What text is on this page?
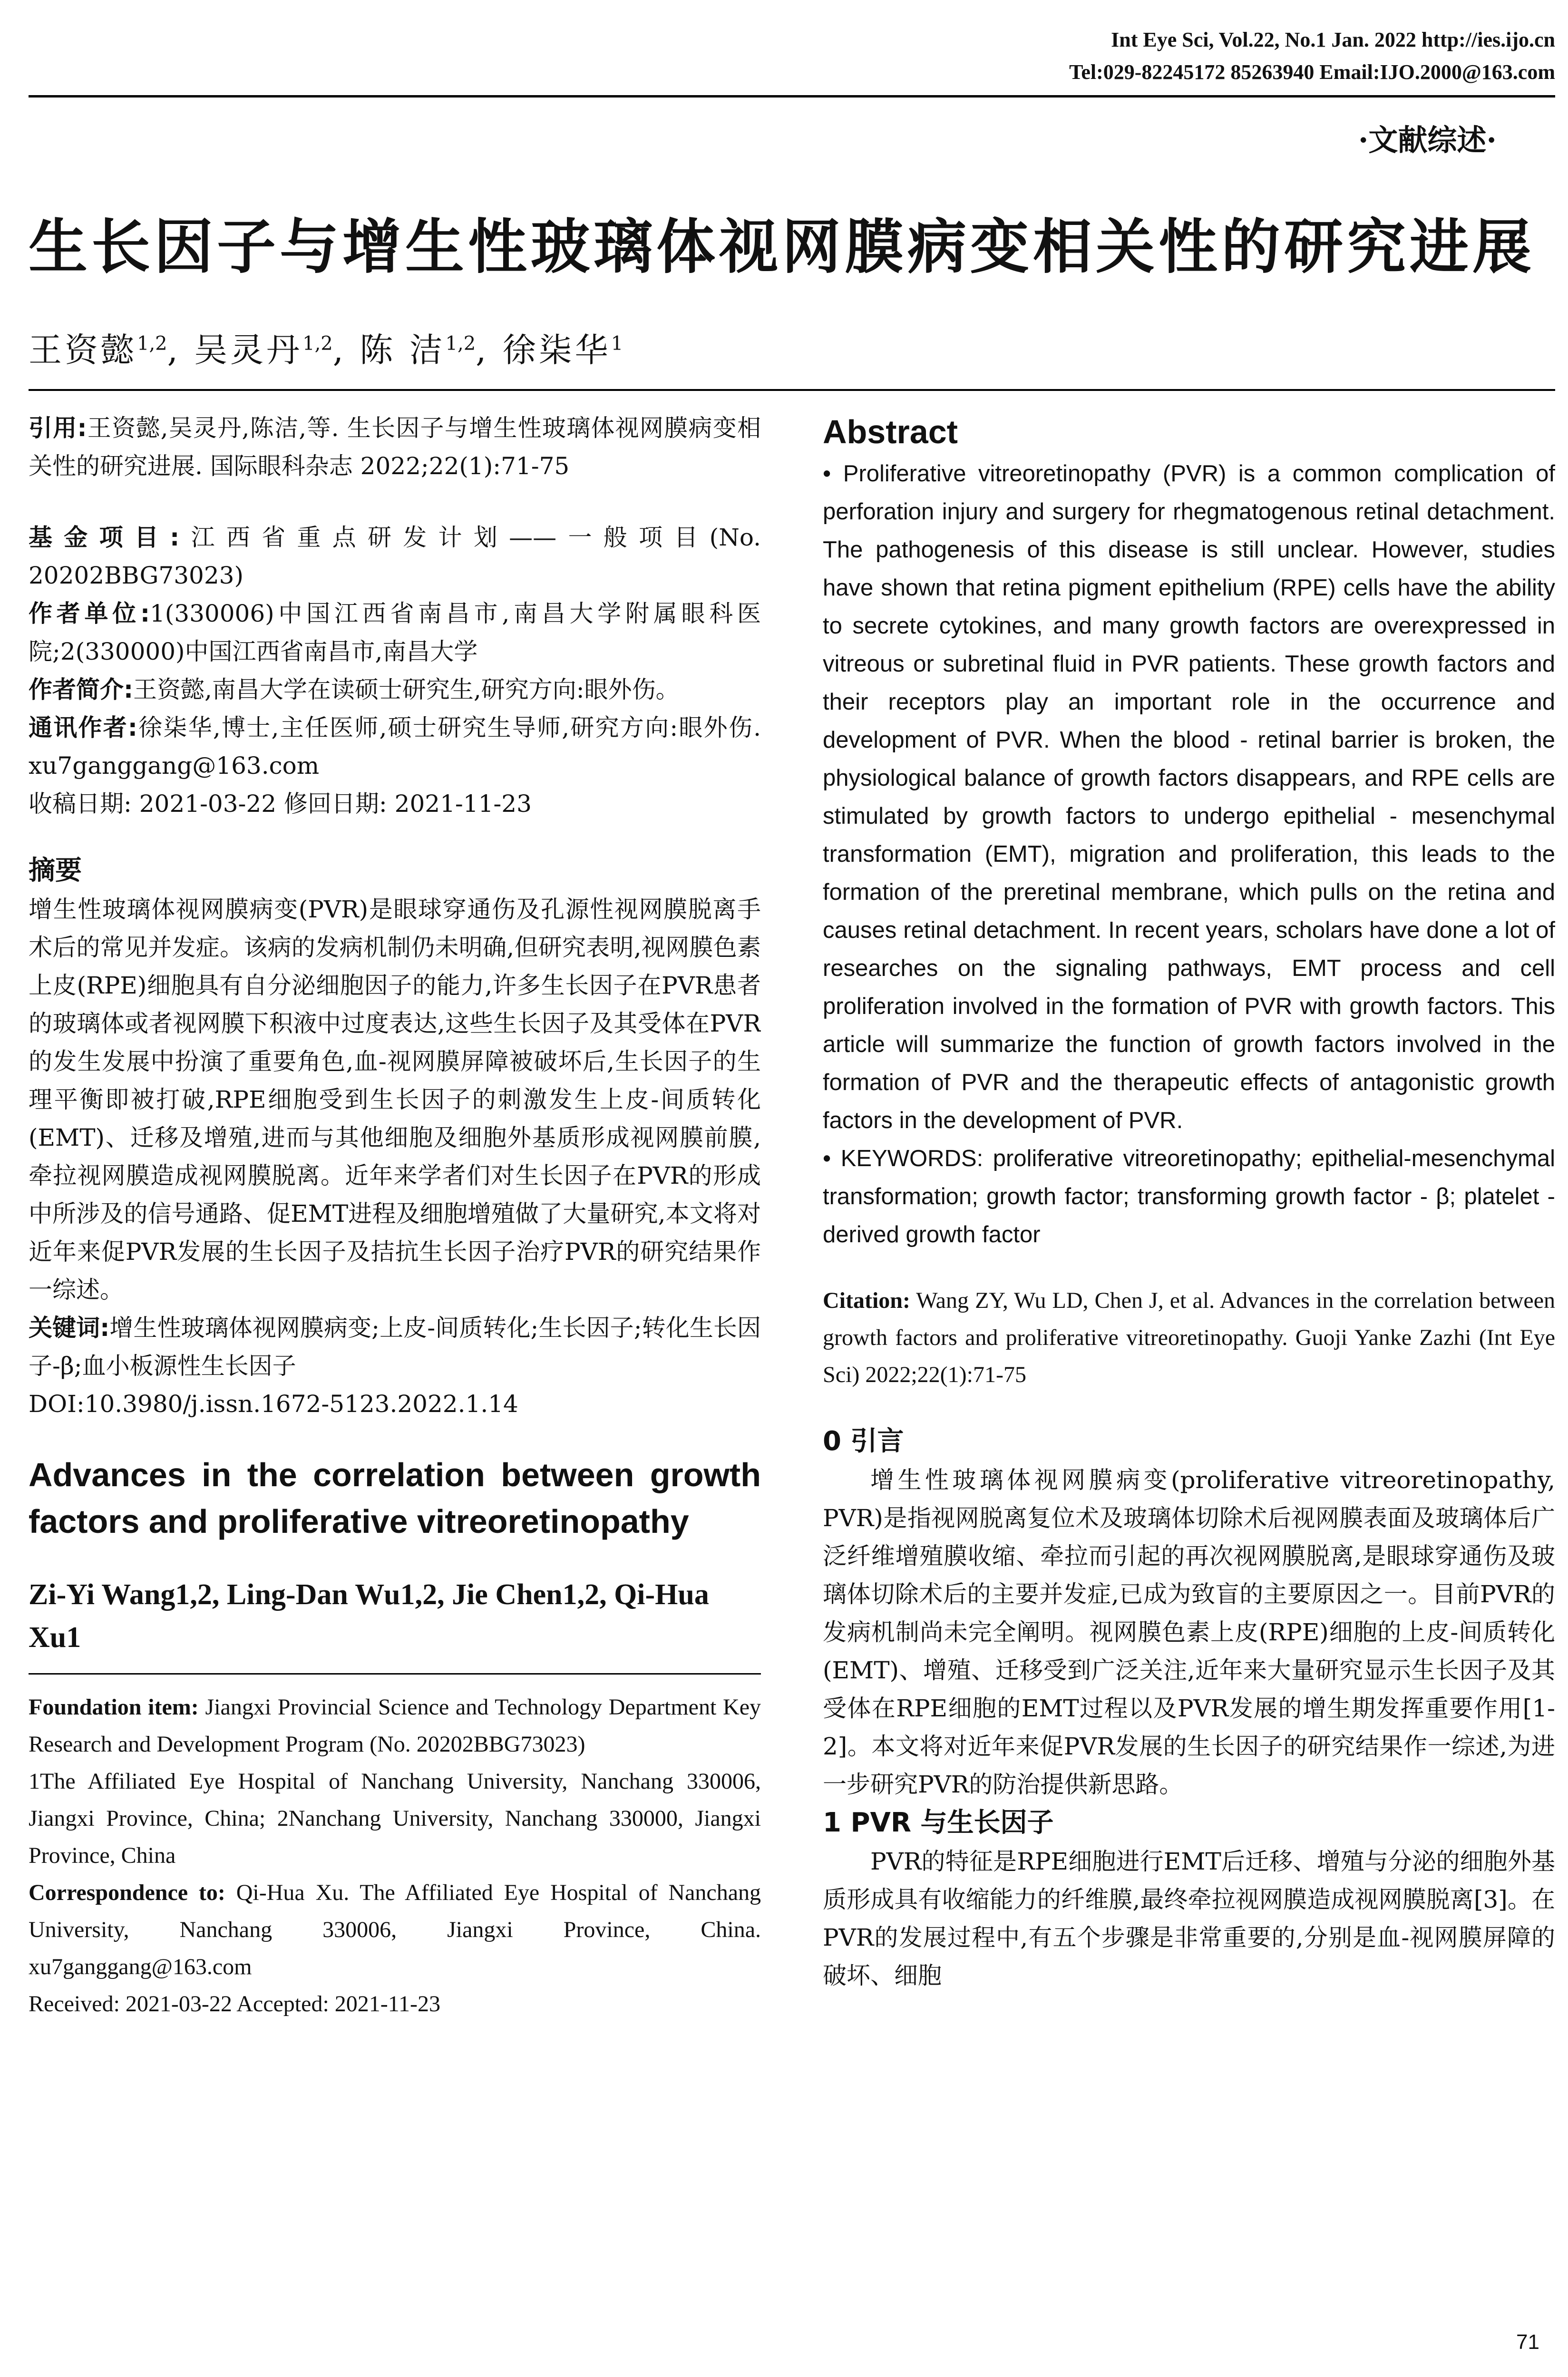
Int Eye Sci, Vol.22, No.1 Jan. 2022 http://ies.ijo.cn
Tel:029-82245172 85263940 Email:IJO.2000@163.com
·文献综述·
生长因子与增生性玻璃体视网膜病变相关性的研究进展
王资懿$^{1,2}$, 吴灵丹$^{1,2}$, 陈 洁$^{1,2}$, 徐柒华$^1$

引用:王资懿,吴灵丹,陈洁,等. 生长因子与增生性玻璃体视网膜病变相关性的研究进展. 国际眼科杂志 2022;22(1):71-75

基金项目:江西省重点研发计划——一般项目(No. 20202BBG73023)

作者单位:1(330006)中国江西省南昌市,南昌大学附属眼科医院;2(330000)中国江西省南昌市,南昌大学

作者简介:王资懿,南昌大学在读硕士研究生,研究方向:眼外伤。

通讯作者:徐柒华,博士,主任医师,硕士研究生导师,研究方向:眼外伤. xu7ganggang@163.com

收稿日期: 2021-03-22 修回日期: 2021-11-23

摘要

增生性玻璃体视网膜病变(PVR)是眼球穿通伤及孔源性视网膜脱离手术后的常见并发症。该病的发病机制仍未明确,但研究表明,视网膜色素上皮(RPE)细胞具有自分泌细胞因子的能力,许多生长因子在PVR患者的玻璃体或者视网膜下积液中过度表达,这些生长因子及其受体在PVR的发生发展中扮演了重要角色,血-视网膜屏障被破坏后,生长因子的生理平衡即被打破,RPE细胞受到生长因子的刺激发生上皮-间质转化(EMT)、迁移及增殖,进而与其他细胞及细胞外基质形成视网膜前膜,牵拉视网膜造成视网膜脱离。近年来学者们对生长因子在PVR的形成中所涉及的信号通路、促EMT进程及细胞增殖做了大量研究,本文将对近年来促PVR发展的生长因子及拮抗生长因子治疗PVR的研究结果作一综述。

关键词:增生性玻璃体视网膜病变;上皮-间质转化;生长因子;转化生长因子-β;血小板源性生长因子

DOI:10.3980/j.issn.1672-5123.2022.1.14

Advances in the correlation between growth factors and proliferative vitreoretinopathy

Zi-Yi Wang1,2, Ling-Dan Wu1,2, Jie Chen1,2, Qi-Hua Xu1

Foundation item: Jiangxi Provincial Science and Technology Department Key Research and Development Program (No. 20202BBG73023)

1The Affiliated Eye Hospital of Nanchang University, Nanchang 330006, Jiangxi Province, China; 2Nanchang University, Nanchang 330000, Jiangxi Province, China

Correspondence to: Qi-Hua Xu. The Affiliated Eye Hospital of Nanchang University, Nanchang 330006, Jiangxi Province, China. xu7ganggang@163.com

Received: 2021-03-22 Accepted: 2021-11-23

Abstract

• Proliferative vitreoretinopathy (PVR) is a common complication of perforation injury and surgery for rhegmatogenous retinal detachment. The pathogenesis of this disease is still unclear. However, studies have shown that retina pigment epithelium (RPE) cells have the ability to secrete cytokines, and many growth factors are overexpressed in vitreous or subretinal fluid in PVR patients. These growth factors and their receptors play an important role in the occurrence and development of PVR. When the blood - retinal barrier is broken, the physiological balance of growth factors disappears, and RPE cells are stimulated by growth factors to undergo epithelial - mesenchymal transformation (EMT), migration and proliferation, this leads to the formation of the preretinal membrane, which pulls on the retina and causes retinal detachment. In recent years, scholars have done a lot of researches on the signaling pathways, EMT process and cell proliferation involved in the formation of PVR with growth factors. This article will summarize the function of growth factors involved in the formation of PVR and the therapeutic effects of antagonistic growth factors in the development of PVR.

• KEYWORDS: proliferative vitreoretinopathy; epithelial-mesenchymal transformation; growth factor; transforming growth factor - β; platelet - derived growth factor

Citation: Wang ZY, Wu LD, Chen J, et al. Advances in the correlation between growth factors and proliferative vitreoretinopathy. Guoji Yanke Zazhi (Int Eye Sci) 2022;22(1):71-75

0 引言

增生性玻璃体视网膜病变(proliferative vitreoretinopathy, PVR)是指视网脱离复位术及玻璃体切除术后视网膜表面及玻璃体后广泛纤维增殖膜收缩、牵拉而引起的再次视网膜脱离,是眼球穿通伤及玻璃体切除术后的主要并发症,已成为致盲的主要原因之一。目前PVR的发病机制尚未完全阐明。视网膜色素上皮(RPE)细胞的上皮-间质转化(EMT)、增殖、迁移受到广泛关注,近年来大量研究显示生长因子及其受体在RPE细胞的EMT过程以及PVR发展的增生期发挥重要作用[1-2]。本文将对近年来促PVR发展的生长因子的研究结果作一综述,为进一步研究PVR的防治提供新思路。

1 PVR 与生长因子

PVR的特征是RPE细胞进行EMT后迁移、增殖与分泌的细胞外基质形成具有收缩能力的纤维膜,最终牵拉视网膜造成视网膜脱离[3]。在PVR的发展过程中,有五个步骤是非常重要的,分别是血-视网膜屏障的破坏、细胞

71
